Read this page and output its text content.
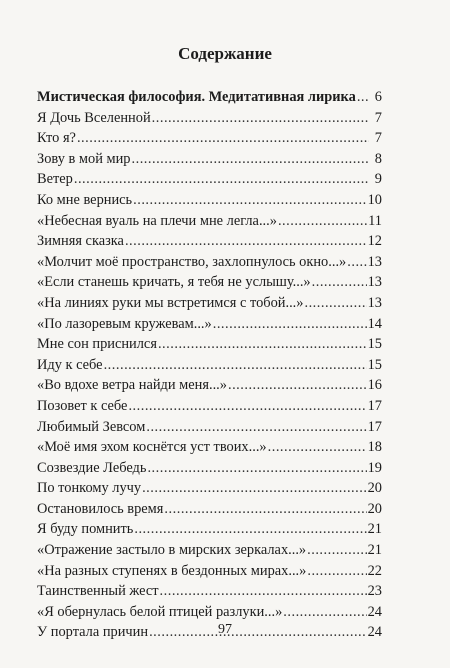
Содержание
Мистическая философия. Медитативная лирика .....	6
Я Дочь Вселенной .....	7
Кто я? .....	7
Зову в мой мир .....	8
Ветер .....	9
Ко мне вернись .....	10
«Небесная вуаль на плечи мне легла...» .....	11
Зимняя сказка .....	12
«Молчит моё пространство, захлопнулось окно...» ..... 13
«Если станешь кричать, я тебя не услышу...» .....	13
«На линиях руки мы встретимся с тобой...» .....	13
«По лазоревым кружевам...» .....	14
Мне сон приснился .....	15
Иду к себе .....	15
«Во вдохе ветра найди меня...» .....	16
Позовет к себе .....	17
Любимый Зевсом .....	17
«Моё имя эхом коснётся уст твоих...» .....	18
Созвездие Лебедь .....	19
По тонкому лучу .....	20
Остановилось время .....	20
Я буду помнить .....	21
«Отражение застыло в мирских зеркалах...» .....	21
«На разных ступенях в бездонных мирах...» .....	22
Таинственный жест .....	23
«Я обернулась белой птицей разлуки...» .....	24
У портала причин .....	24
97
